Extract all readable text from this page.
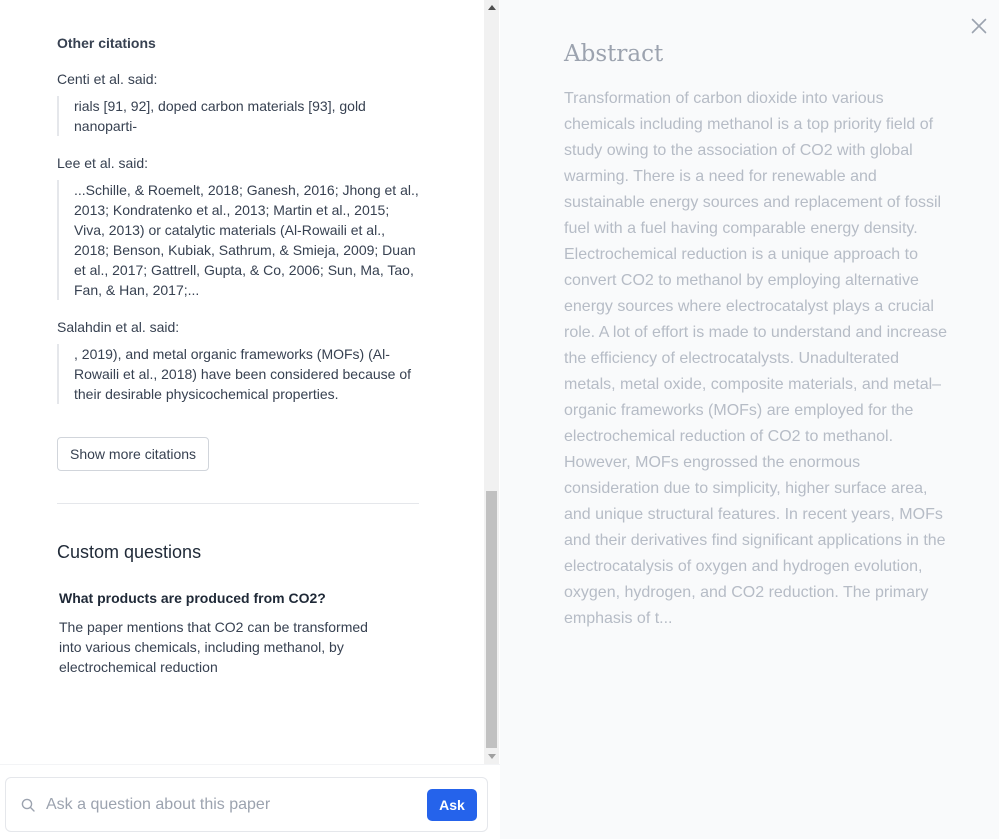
Other citations
Centi et al. said:
rials [91, 92], doped carbon materials [93], gold nanoparti-
Lee et al. said:
...Schille, & Roemelt, 2018; Ganesh, 2016; Jhong et al., 2013; Kondratenko et al., 2013; Martin et al., 2015; Viva, 2013) or catalytic materials (Al-Rowaili et al., 2018; Benson, Kubiak, Sathrum, & Smieja, 2009; Duan et al., 2017; Gattrell, Gupta, & Co, 2006; Sun, Ma, Tao, Fan, & Han, 2017;...
Salahdin et al. said:
, 2019), and metal organic frameworks (MOFs) (Al-Rowaili et al., 2018) have been considered because of their desirable physicochemical properties.
Show more citations
Custom questions
What products are produced from CO2?
The paper mentions that CO2 can be transformed into various chemicals, including methanol, by electrochemical reduction
Ask a question about this paper
Ask
Abstract
Transformation of carbon dioxide into various chemicals including methanol is a top priority field of study owing to the association of CO2 with global warming. There is a need for renewable and sustainable energy sources and replacement of fossil fuel with a fuel having comparable energy density. Electrochemical reduction is a unique approach to convert CO2 to methanol by employing alternative energy sources where electrocatalyst plays a crucial role. A lot of effort is made to understand and increase the efficiency of electrocatalysts. Unadulterated metals, metal oxide, composite materials, and metal–organic frameworks (MOFs) are employed for the electrochemical reduction of CO2 to methanol. However, MOFs engrossed the enormous consideration due to simplicity, higher surface area, and unique structural features. In recent years, MOFs and their derivatives find significant applications in the electrocatalysis of oxygen and hydrogen evolution, oxygen, hydrogen, and CO2 reduction. The primary emphasis of t...
